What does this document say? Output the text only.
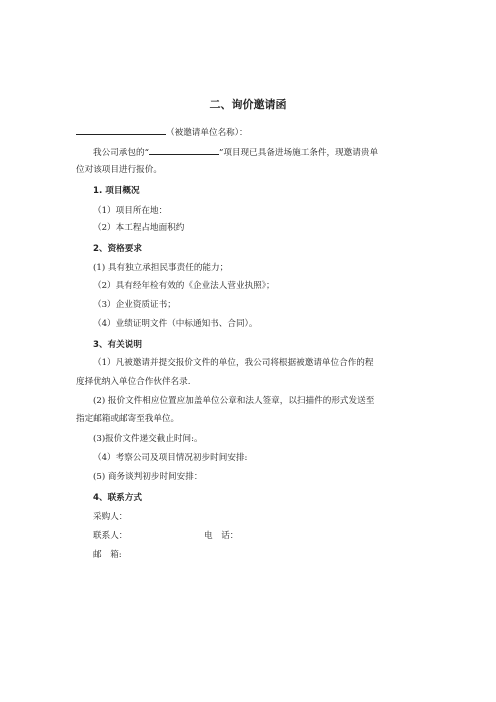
二、询价邀请函
（被邀请单位名称）：
我公司承包的“	”项目现已具备进场施工条件，现邀请贵单
位对该项目进行报价。
1. 项目概况
（1）项目所在地：
（2）本工程占地面积约
2、资格要求
(1) 具有独立承担民事责任的能力；
（2）具有经年检有效的《企业法人营业执照》；
（3）企业资质证书；
（4）业绩证明文件（中标通知书、合同）。
3、有关说明
（1）凡被邀请并提交报价文件的单位，我公司将根据被邀请单位合作的程
度择优纳入单位合作伙伴名录.
(2) 报价文件相应位置应加盖单位公章和法人签章，以扫描件的形式发送至
指定邮箱或邮寄至我单位。
(3)报价文件递交截止时间:。
（4）考察公司及项目情况初步时间安排:
(5) 商务谈判初步时间安排：
4、联系方式
采购人：
联系人：	电　话：
邮　箱:
